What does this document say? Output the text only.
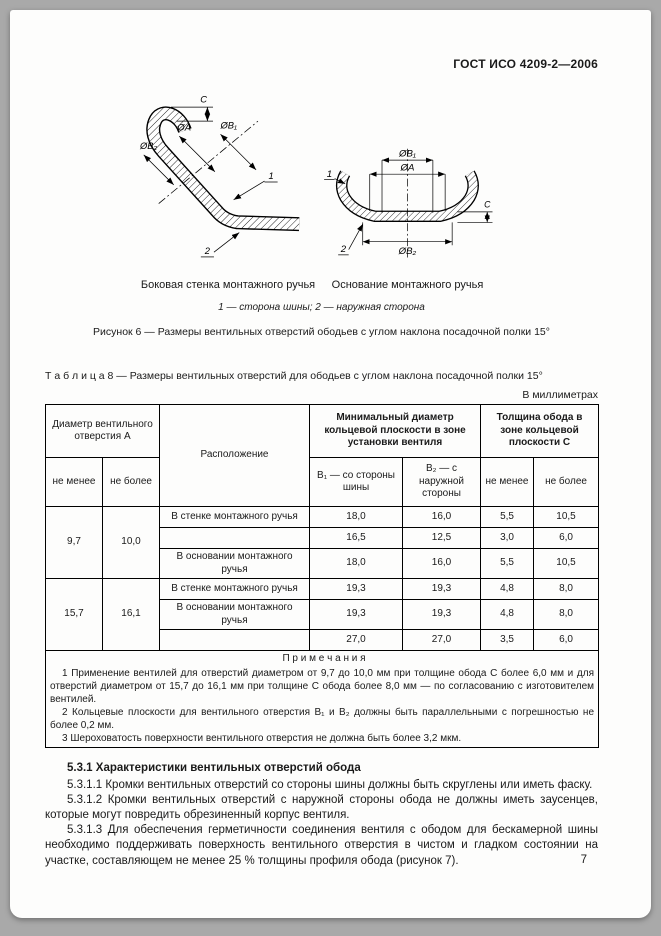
ГОСТ ИСО 4209-2—2006
C
ØB₂
ØA	ØB₁
1
2
ØB₁
ØA
ØB₂
C
1
2
Боковая стенка монтажного ручья	Основание монтажного ручья
1 — сторона шины; 2 — наружная сторона
Рисунок 6 — Размеры вентильных отверстий ободьев с углом наклона посадочной полки 15°
Т а б л и ц а 8 — Размеры вентильных отверстий для ободьев с углом наклона посадочной полки 15°
В миллиметрах
Диаметр вентильного отверстия А		Расположение	Минимальный диаметр кольцевой плоскости в зоне установки вентиля		Толщина обода в зоне кольцевой плоскости С	
не менее	не более		В₁ — со стороны шины	В₂ — с наружной стороны	не менее	не более
9,7	10,0	В стенке монтажного ручья	18,0	16,0	5,5	10,5
			16,5	12,5	3,0	6,0
		В основании монтажного ручья	18,0	16,0	5,5	10,5
15,7	16,1	В стенке монтажного ручья	19,3	19,3	4,8	8,0
		В основании монтажного ручья	19,3	19,3	4,8	8,0
			27,0	27,0	3,5	6,0

П р и м е ч а н и я

1 Применение вентилей для отверстий диаметром от 9,7 до 10,0 мм при толщине обода С более 6,0 мм и для отверстий диаметром от 15,7 до 16,1 мм при толщине С обода более 8,0 мм — по согласованию с изготовителем вентилей.

2 Кольцевые плоскости для вентильного отверстия В₁ и В₂ должны быть параллельными с погрешностью не более 0,2 мм.

3 Шероховатость поверхности вентильного отверстия не должна быть более 3,2 мкм.						

5.3.1 Характеристики вентильных отверстий обода

5.3.1.1 Кромки вентильных отверстий со стороны шины должны быть скруглены или иметь фаску.

5.3.1.2 Кромки вентильных отверстий с наружной стороны обода не должны иметь заусенцев, которые могут повредить обрезиненный корпус вентиля.

5.3.1.3 Для обеспечения герметичности соединения вентиля с ободом для бескамерной шины необходимо поддерживать поверхность вентильного отверстия в чистом и гладком состоянии на участке, составляющем не менее 25 % толщины профиля обода (рисунок 7).	7
